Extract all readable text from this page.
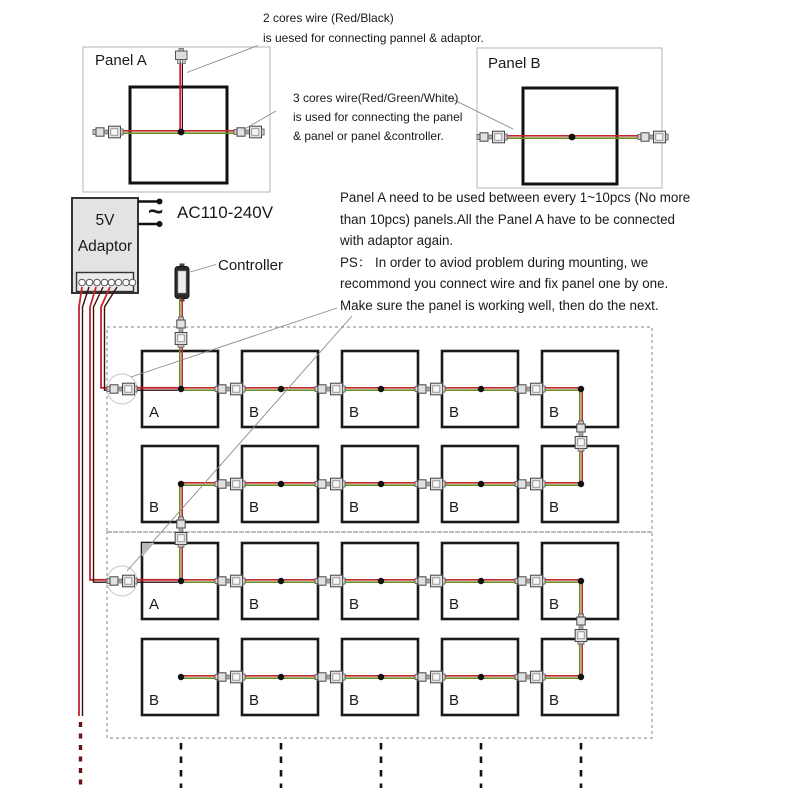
Panel A	Panel B
2 cores wire (Red/Black)
is uesed for connecting pannel & adaptor.
3 cores wire(Red/Green/White)
is used for connecting the panel
& panel or panel &controller.
5V
Adaptor
~ AC110-240V
Controller
Panel A need to be used between every 1~10pcs (No more
than 10pcs) panels.All the Panel A have to be connected
with adaptor again.
PS： In order to aviod problem during mounting, we
recommond you connect wire and fix panel one by one.
Make sure the panel is working well, then do the next.
A	B	B	B	B
B	B	B	B	B
A	B	B	B	B
B	B	B	B	B
